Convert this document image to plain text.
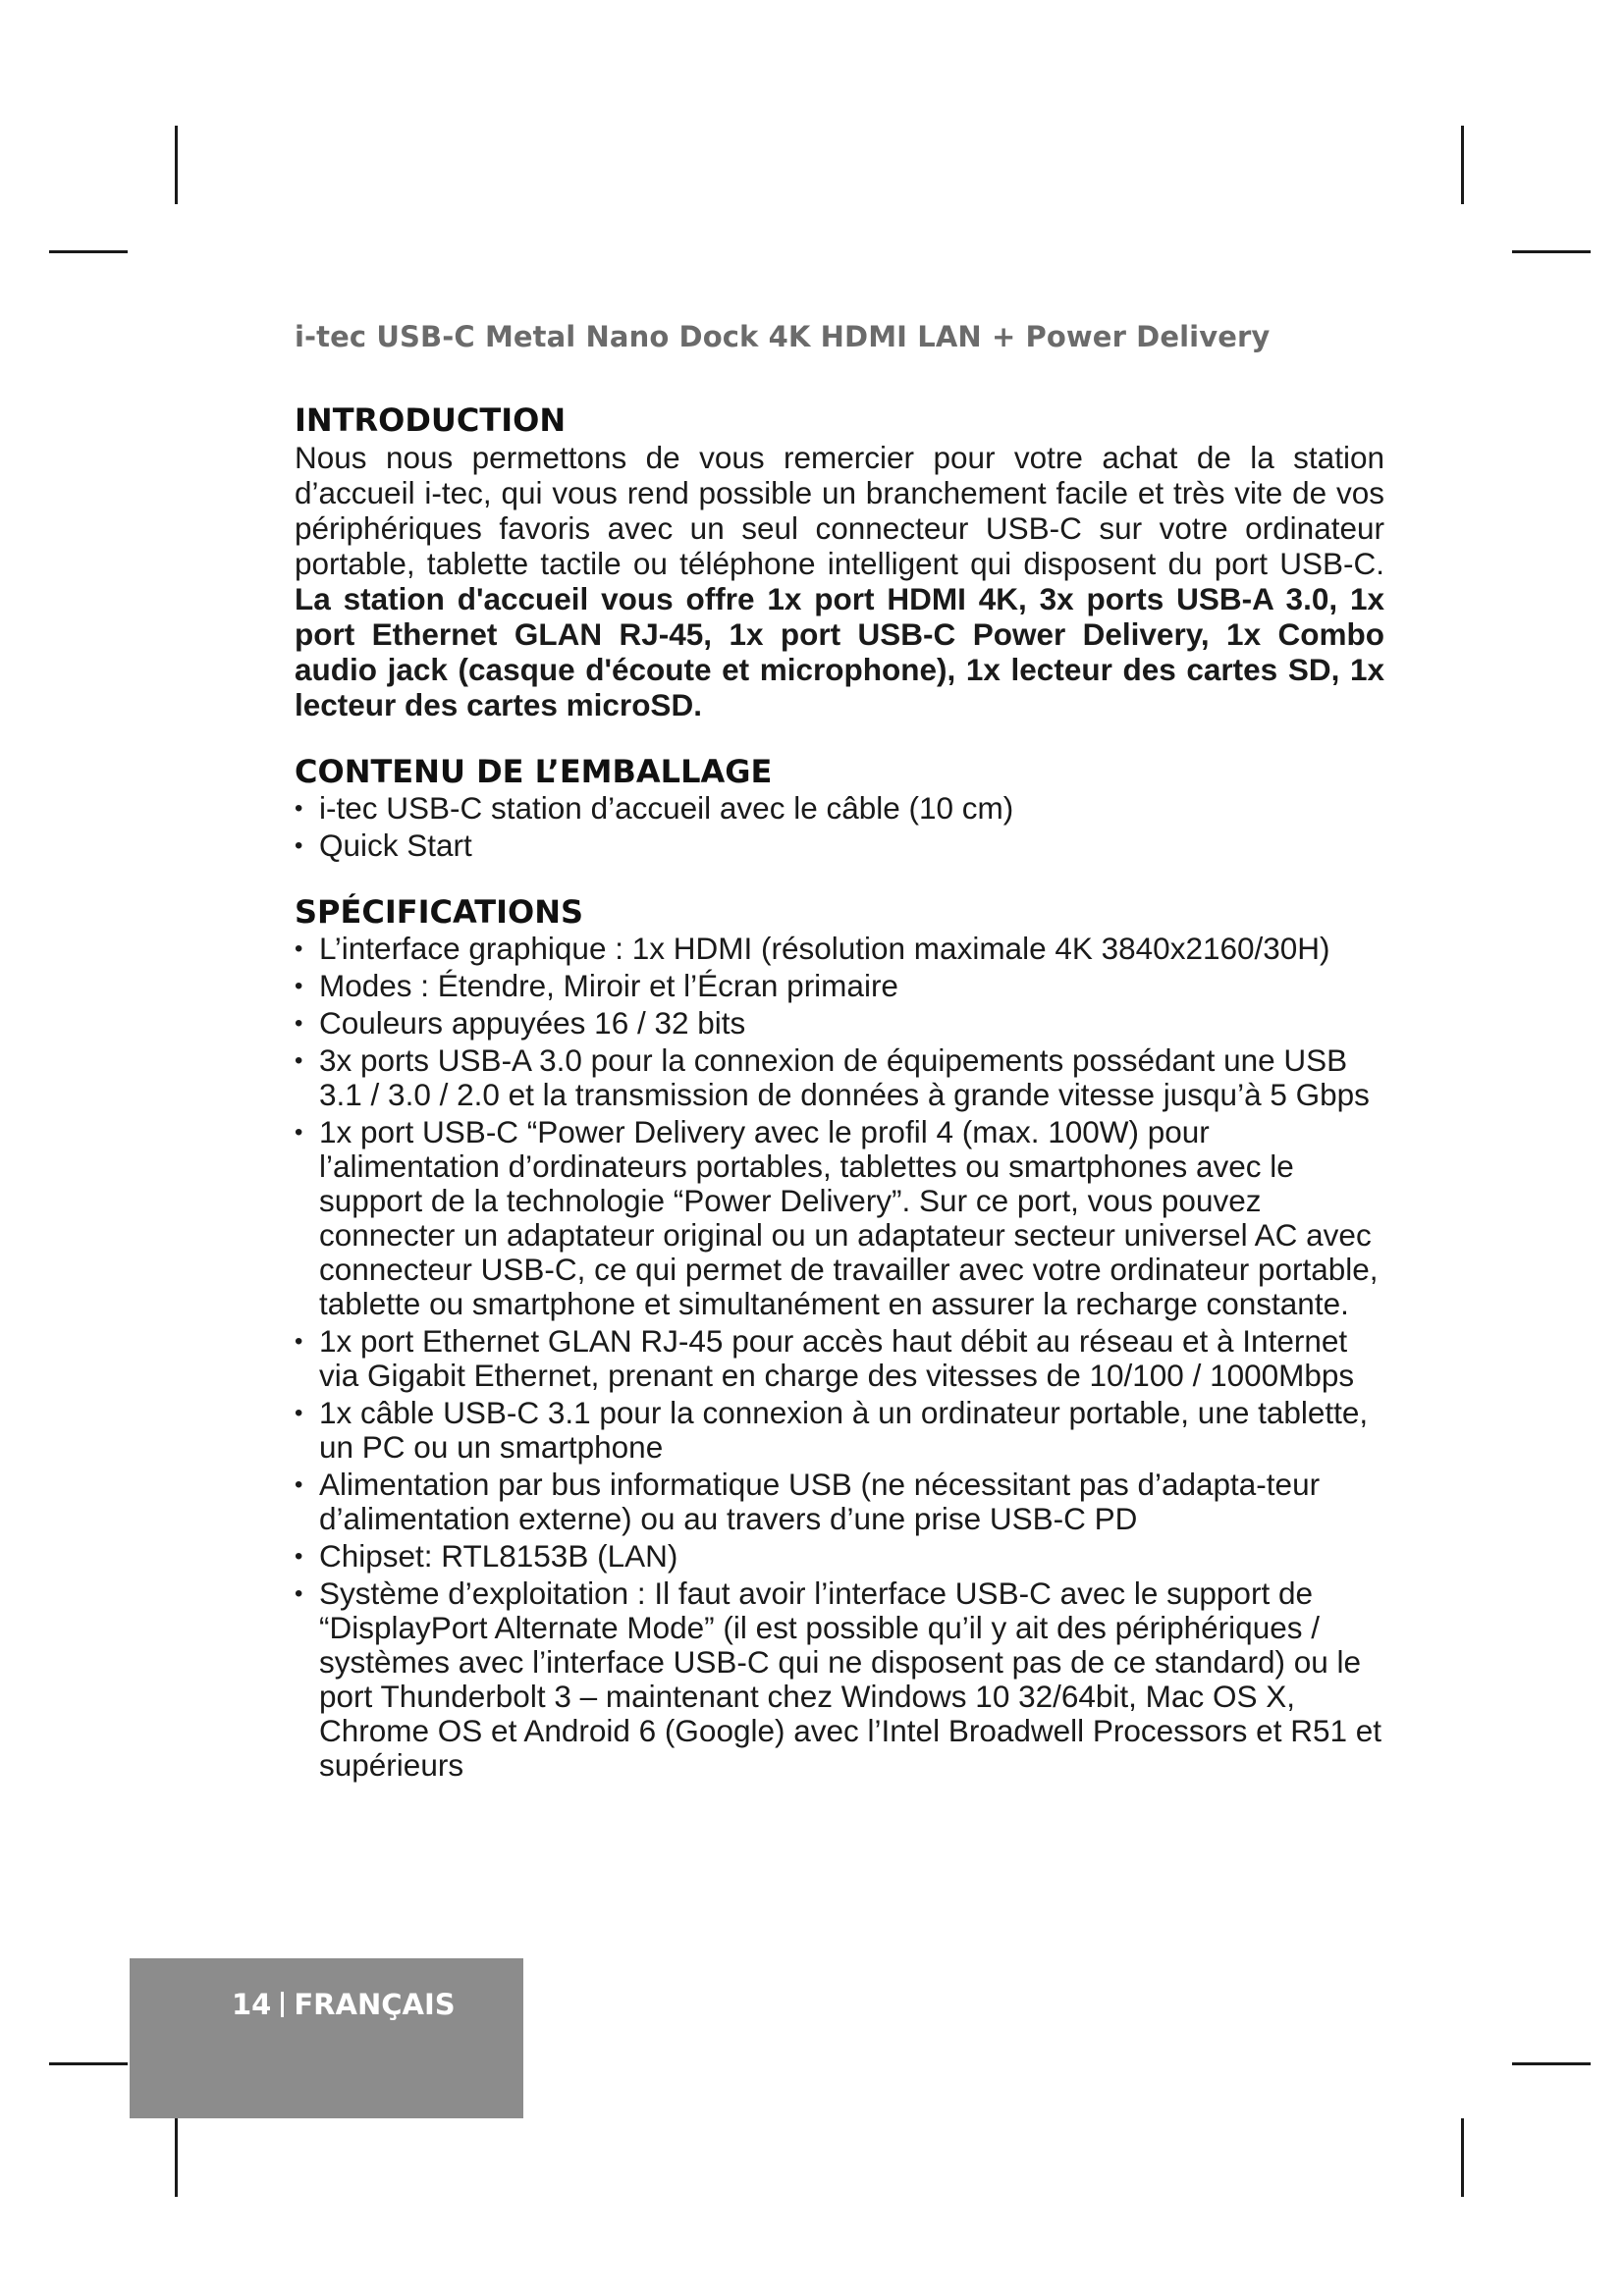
i-tec USB-C Metal Nano Dock 4K HDMI LAN + Power Delivery
INTRODUCTION

Nous nous permettons de vous remercier pour votre achat de la station d’accueil i-tec, qui vous rend possible un branchement facile et très vite de vos périphériques favoris avec un seul connecteur USB-C sur votre ordinateur portable, tablette tactile ou téléphone intelligent qui disposent du port USB-C. La station d'accueil vous offre 1x port HDMI 4K, 3x ports USB-A 3.0, 1x port Ethernet GLAN RJ-45, 1x port USB-C Power Delivery, 1x Combo audio jack (casque d'écoute et microphone), 1x lecteur des cartes SD, 1x lecteur des cartes microSD.

CONTENU DE L’EMBALLAGE
• i-tec USB-C station d’accueil avec le câble (10 cm)
• Quick Start
SPÉCIFICATIONS
• L’interface graphique : 1x HDMI (résolution maximale 4K 3840x2160/30H)
• Modes : Étendre, Miroir et l’Écran primaire
• Couleurs appuyées 16 / 32 bits
• 3x ports USB-A 3.0 pour la connexion de équipements possédant une USB 3.1 / 3.0 / 2.0 et la transmission de données à grande vitesse jusqu’à 5 Gbps
• 1x port USB-C “Power Delivery avec le profil 4 (max. 100W) pour l’alimentation d’ordinateurs portables, tablettes ou smartphones avec le support de la technologie “Power Delivery”. Sur ce port, vous pouvez connecter un adaptateur original ou un adaptateur secteur universel AC avec connecteur USB-C, ce qui permet de travailler avec votre ordinateur portable, tablette ou smartphone et simultanément en assurer la recharge constante.
• 1x port Ethernet GLAN RJ-45 pour accès haut débit au réseau et à Internet via Gigabit Ethernet, prenant en charge des vitesses de 10/100 / 1000Mbps
• 1x câble USB-C 3.1 pour la connexion à un ordinateur portable, une tablette, un PC ou un smartphone
• Alimentation par bus informatique USB (ne nécessitant pas d’adapta-teur d’alimentation externe) ou au travers d’une prise USB-C PD
• Chipset: RTL8153B (LAN)
• Système d’exploitation : Il faut avoir l’interface USB-C avec le support de “DisplayPort Alternate Mode” (il est possible qu’il y ait des périphériques / systèmes avec l’interface USB-C qui ne disposent pas de ce standard) ou le port Thunderbolt 3 – maintenant chez Windows 10 32/64bit, Mac OS X, Chrome OS et Android 6 (Google) avec l’Intel Broadwell Processors et R51 et supérieurs
14 FRANÇAIS
